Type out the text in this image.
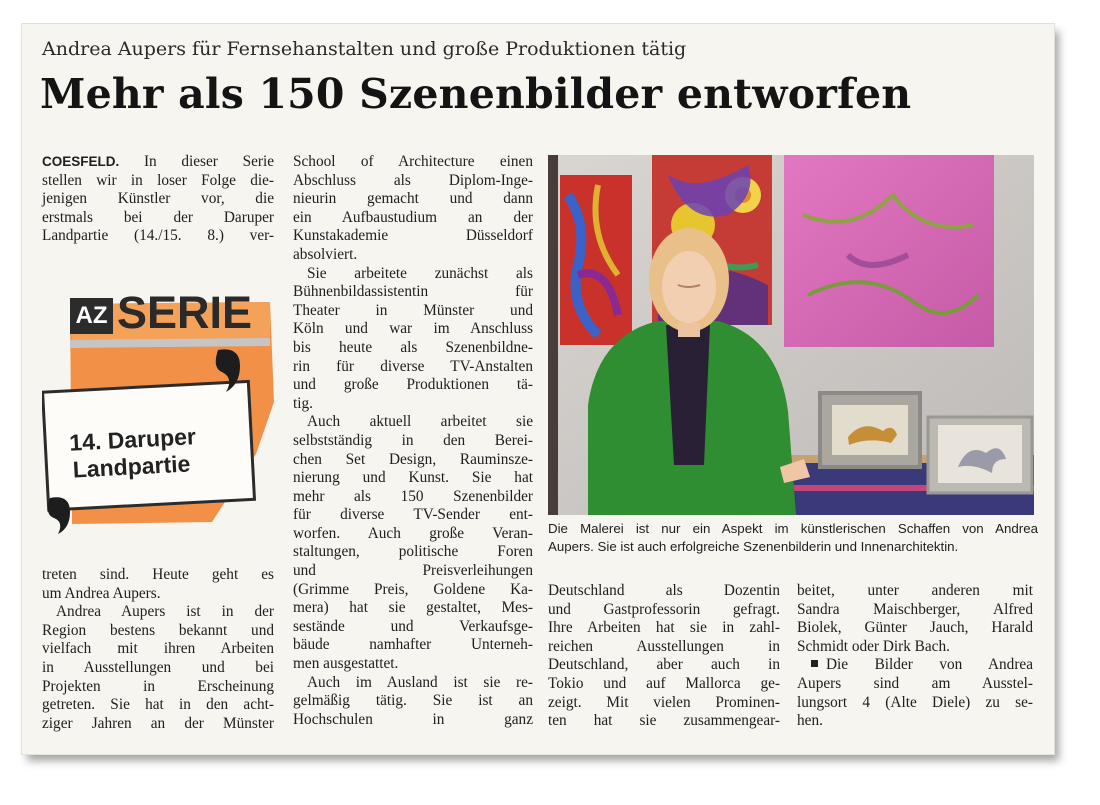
Andrea Aupers für Fernsehanstalten und große Produktionen tätig
Mehr als 150 Szenenbilder entworfen
COESFELD. In dieser Serie
stellen wir in loser Folge die-
jenigen Künstler vor, die
erstmals bei der Daruper
Landpartie (14./15. 8.) ver-
AZ SERIE
14. Daruper
Landpartie
treten sind. Heute geht es
um Andrea Aupers.
Andrea Aupers ist in der
Region bestens bekannt und
vielfach mit ihren Arbeiten
in Ausstellungen und bei
Projekten in Erscheinung
getreten. Sie hat in den acht-
ziger Jahren an der Münster
School of Architecture einen
Abschluss als Diplom-Inge-
nieurin gemacht und dann
ein Aufbaustudium an der
Kunstakademie Düsseldorf
absolviert.
Sie arbeitete zunächst als
Bühnenbildassistentin für
Theater in Münster und
Köln und war im Anschluss
bis heute als Szenenbildne-
rin für diverse TV-Anstalten
und große Produktionen tä-
tig.
Auch aktuell arbeitet sie
selbstständig in den Berei-
chen Set Design, Rauminsze-
nierung und Kunst. Sie hat
mehr als 150 Szenenbilder
für diverse TV-Sender ent-
worfen. Auch große Veran-
staltungen, politische Foren
und Preisverleihungen
(Grimme Preis, Goldene Ka-
mera) hat sie gestaltet, Mes-
sestände und Verkaufsge-
bäude namhafter Unterneh-
men ausgestattet.
Auch im Ausland ist sie re-
gelmäßig tätig. Sie ist an
Hochschulen in ganz
Die Malerei ist nur ein Aspekt im künstlerischen Schaffen von Andrea
Aupers. Sie ist auch erfolgreiche Szenenbilderin und Innenarchitektin.
Deutschland als Dozentin
und Gastprofessorin gefragt.
Ihre Arbeiten hat sie in zahl-
reichen Ausstellungen in
Deutschland, aber auch in
Tokio und auf Mallorca ge-
zeigt. Mit vielen Prominen-
ten hat sie zusammengear-
beitet, unter anderen mit
Sandra Maischberger, Alfred
Biolek, Günter Jauch, Harald
Schmidt oder Dirk Bach.
Die Bilder von Andrea
Aupers sind am Ausstel-
lungsort 4 (Alte Diele) zu se-
hen.
